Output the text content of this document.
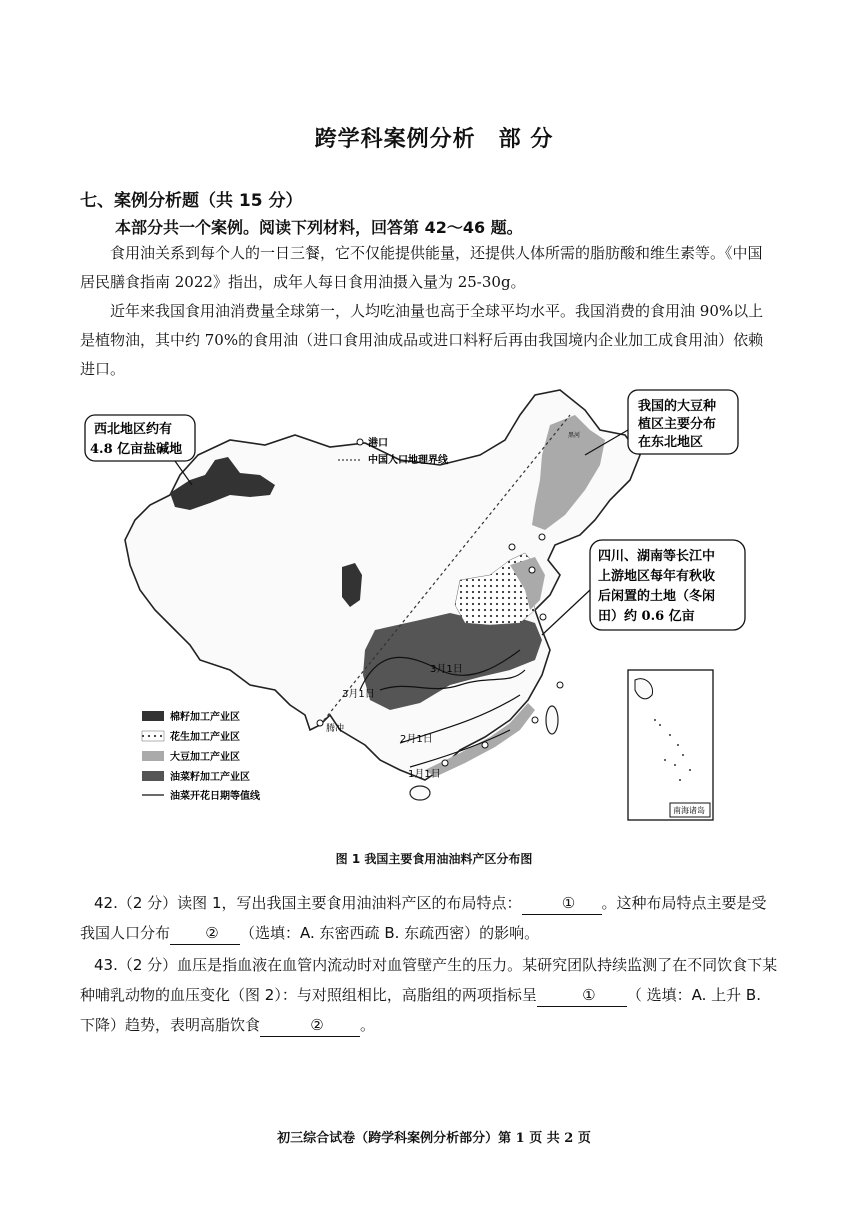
跨学科案例分析　部 分
七、案例分析题（共 15 分）
本部分共一个案例。阅读下列材料，回答第 42～46 题。
食用油关系到每个人的一日三餐，它不仅能提供能量，还提供人体所需的脂肪酸和维生素等。《中国居民膳食指南 2022》指出，成年人每日食用油摄入量为 25-30g。
近年来我国食用油消费量全球第一，人均吃油量也高于全球平均水平。我国消费的食用油 90%以上是植物油，其中约 70%的食用油（进口食用油成品或进口料籽后再由我国境内企业加工成食用油）依赖进口。
3月1日
3月1日
2月1日
1月1日
腾冲
黑河
港口
中国人口地理界线
西北地区约有
4.8 亿亩盐碱地
我国的大豆种
植区主要分布
在东北地区
四川、湖南等长江中
上游地区每年有秋收
后闲置的土地（冬闲
田）约 0.6 亿亩
棉籽加工产业区
花生加工产业区
大豆加工产业区
油菜籽加工产业区
油菜开花日期等值线
南海诸岛
图 1 我国主要食用油油料产区分布图
42.（2 分）读图 1，写出我国主要食用油油料产区的布局特点：	① 。这种布局特点主要是受我国人口分布 ② （选填：A. 东密西疏 B. 东疏西密）的影响。
43.（2 分）血压是指血液在血管内流动时对血管壁产生的压力。某研究团队持续监测了在不同饮食下某种哺乳动物的血压变化（图 2）：与对照组相比，高脂组的两项指标呈	① （ 选填：A. 上升 B. 下降）趋势，表明高脂饮食	② 。
初三综合试卷（跨学科案例分析部分）第 1 页 共 2 页
